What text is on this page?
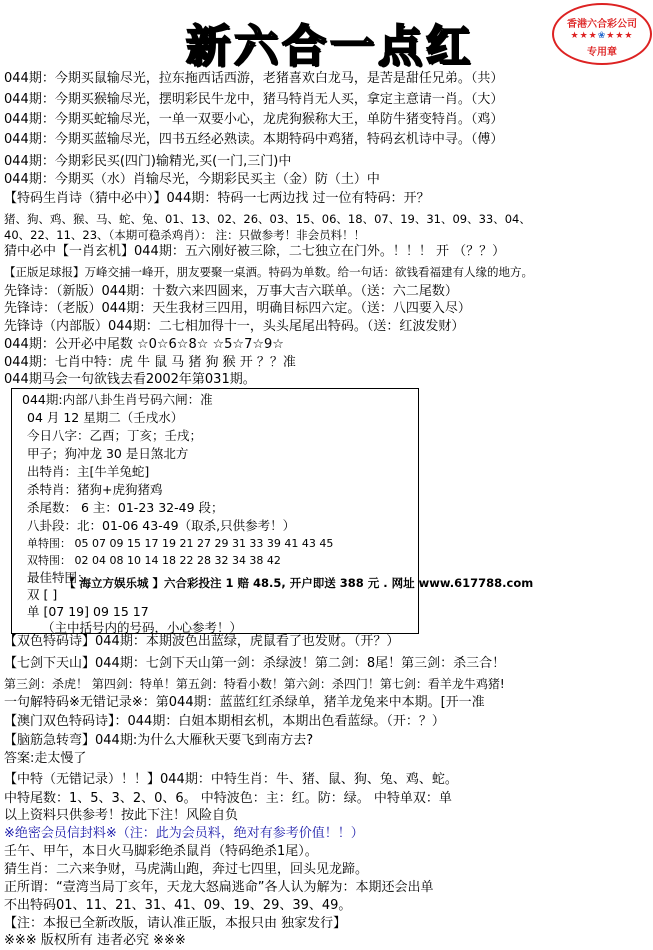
新六合一点红	香港六合彩公司
★★★❀★★★
专用章
044期：今期买鼠输尽光，拉东拖西话西游，老猪喜欢白龙马，是苦是甜任兄弟。（共）
044期：今期买猴输尽光，摆明彩民牛龙中，猪马特肖无人买，拿定主意请一肖。（大）
044期：今期买蛇输尽光，一单一双要小心，龙虎狗猴称大王，单防牛猪变特肖。（鸡）
044期：今期买蓝输尽光，四书五经必熟读。本期特码中鸡猪，特码玄机诗中寻。（傅）
044期：今期彩民买(四门)输精光,买(一门,三门)中
044期：今期买（水）肖输尽光，今期彩民买主（金）防（土）中
【特码生肖诗（猜中必中）】044期：特码一七两边找 过一位有特码：开？
猪、狗、鸡、猴、马、蛇、兔、01、13、02、26、03、15、06、18、07、19、31、09、33、04、
40、22、11、23、（本期可稳杀鸡肖）： 注：只做参考！非会员料！！
猜中必中【一肖玄机】044期：五六刚好被三除，二七独立在门外。！！！ 开 （？？）
【正版足球报】万峰交捕一峰开，朋友要聚一桌酒。特码为单数。给一句话：欲钱看福建有人缘的地方。
先锋诗：（新版）044期：十数六来四圆来，万事大吉六联单。（送：六二尾数）
先锋诗：（老版）044期：天生我材三四用，明确目标四六定。（送：八四要入尽）
先锋诗（内部版）044期：二七相加得十一，头头尾尾出特码。（送：红波发财）
044期：公开必中尾数 ☆0☆6☆8☆ ☆5☆7☆9☆
044期：七肖中特：虎 牛 鼠 马 猪 狗 猴 开 ？？准
044期马会一句欲钱去看2002年第031期。
044期:内部八卦生肖号码六闸：准
04 月 12 星期二（壬戌水）
今日八字：乙酉；丁亥；壬戌；
甲子；狗冲龙 30 是日煞北方
出特肖：主[牛羊兔蛇]
杀特肖：猪狗+虎狗猪鸡
杀尾数： 6 主：01-23 32-49 段；
八卦段：北：01-06 43-49（取杀,只供参考！）
单特围： 05 07 09 15 17 19 21 27 29 31 33 39 41 43 45
双特围： 02 04 08 10 14 18 22 28 32 34 38 42
最佳特围：
双 [ ]
单 [07 19] 09 15 17
（主中括号内的号码，小心参考！）
【 海立方娱乐城 】六合彩投注 1 赔 48.5, 开户即送 388 元 . 网址 www.617788.com
【双色特码诗】044期：本期波色出蓝绿，虎鼠看了也发财。（开？）
【七剑下天山】044期：七剑下天山第一剑：杀绿波！第二剑：8尾！第三剑：杀三合！
第三剑：杀虎！ 第四剑：特单！第五剑：特看小数！第六剑：杀四门！第七剑：看羊龙牛鸡猪!
一句解特码※无错记录※：第044期：蓝蓝红红杀绿单，猪羊龙兔来中本期。[开一准
【澳门双色特码诗】：044期：白姐本期相玄机，本期出色看蓝绿。（开：？）
【脑筋急转弯】044期:为什么大雁秋天要飞到南方去?
答案:走太慢了
【中特（无错记录）！！】044期：中特生肖：牛、猪、鼠、狗、兔、鸡、蛇。
中特尾数：1、5、3、2、0、6。 中特波色：主：红。防：绿。 中特单双：单
以上资料只供参考！按此下注！风险自负
※绝密会员信封料※（注：此为会员料，绝对有参考价值！！）
壬午、甲午，本日火马脚彩绝杀鼠肖（特码绝杀1尾）。
猜生肖：二六来争财，马虎满山跑，奔过七四里，回头见龙蹄。
正所谓：“壹湾当局丁亥年，天龙大怒扁逃命”各人认为解为：本期还会出单
不出特码01、11、21、31、41、09、19、29、39、49。
【注：本报已全新改版，请认准正版，本报只由 独家发行】
※※※ 版权所有 违者必究 ※※※
